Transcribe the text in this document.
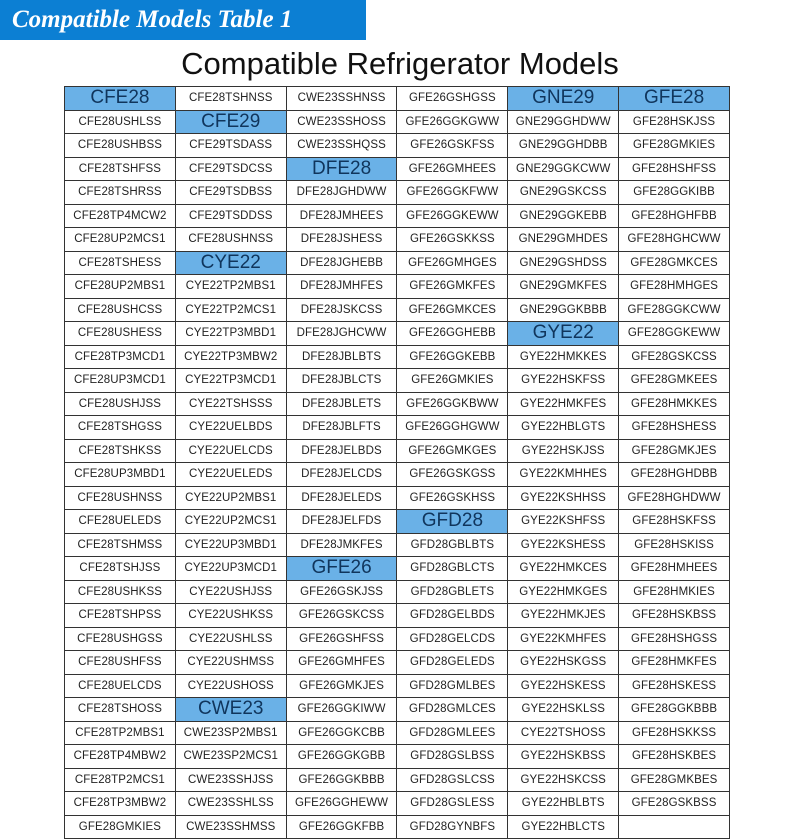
Compatible Models Table 1
Compatible Refrigerator Models
CFE28	CFE28TSHNSS	CWE23SSHNSS	GFE26GSHGSS	GNE29	GFE28
CFE28USHLSS	CFE29	CWE23SSHOSS	GFE26GGKGWW	GNE29GGHDWW	GFE28HSKJSS
CFE28USHBSS	CFE29TSDASS	CWE23SSHQSS	GFE26GSKFSS	GNE29GGHDBB	GFE28GMKIES
CFE28TSHFSS	CFE29TSDCSS	DFE28	GFE26GMHEES	GNE29GGKCWW	GFE28HSHFSS
CFE28TSHRSS	CFE29TSDBSS	DFE28JGHDWW	GFE26GGKFWW	GNE29GSKCSS	GFE28GGKIBB
CFE28TP4MCW2	CFE29TSDDSS	DFE28JMHEES	GFE26GGKEWW	GNE29GGKEBB	GFE28HGHFBB
CFE28UP2MCS1	CFE28USHNSS	DFE28JSHESS	GFE26GSKKSS	GNE29GMHDES	GFE28HGHCWW
CFE28TSHESS	CYE22	DFE28JGHEBB	GFE26GMHGES	GNE29GSHDSS	GFE28GMKCES
CFE28UP2MBS1	CYE22TP2MBS1	DFE28JMHFES	GFE26GMKFES	GNE29GMKFES	GFE28HMHGES
CFE28USHCSS	CYE22TP2MCS1	DFE28JSKCSS	GFE26GMKCES	GNE29GGKBBB	GFE28GGKCWW
CFE28USHESS	CYE22TP3MBD1	DFE28JGHCWW	GFE26GGHEBB	GYE22	GFE28GGKEWW
CFE28TP3MCD1	CYE22TP3MBW2	DFE28JBLBTS	GFE26GGKEBB	GYE22HMKKES	GFE28GSKCSS
CFE28UP3MCD1	CYE22TP3MCD1	DFE28JBLCTS	GFE26GMKIES	GYE22HSKFSS	GFE28GMKEES
CFE28USHJSS	CYE22TSHSSS	DFE28JBLETS	GFE26GGKBWW	GYE22HMKFES	GFE28HMKKES
CFE28TSHGSS	CYE22UELBDS	DFE28JBLFTS	GFE26GGHGWW	GYE22HBLGTS	GFE28HSHESS
CFE28TSHKSS	CYE22UELCDS	DFE28JELBDS	GFE26GMKGES	GYE22HSKJSS	GFE28GMKJES
CFE28UP3MBD1	CYE22UELEDS	DFE28JELCDS	GFE26GSKGSS	GYE22KMHHES	GFE28HGHDBB
CFE28USHNSS	CYE22UP2MBS1	DFE28JELEDS	GFE26GSKHSS	GYE22KSHHSS	GFE28HGHDWW
CFE28UELEDS	CYE22UP2MCS1	DFE28JELFDS	GFD28	GYE22KSHFSS	GFE28HSKFSS
CFE28TSHMSS	CYE22UP3MBD1	DFE28JMKFES	GFD28GBLBTS	GYE22KSHESS	GFE28HSKISS
CFE28TSHJSS	CYE22UP3MCD1	GFE26	GFD28GBLCTS	GYE22HMKCES	GFE28HMHEES
CFE28USHKSS	CYE22USHJSS	GFE26GSKJSS	GFD28GBLETS	GYE22HMKGES	GFE28HMKIES
CFE28TSHPSS	CYE22USHKSS	GFE26GSKCSS	GFD28GELBDS	GYE22HMKJES	GFE28HSKBSS
CFE28USHGSS	CYE22USHLSS	GFE26GSHFSS	GFD28GELCDS	GYE22KMHFES	GFE28HSHGSS
CFE28USHFSS	CYE22USHMSS	GFE26GMHFES	GFD28GELEDS	GYE22HSKGSS	GFE28HMKFES
CFE28UELCDS	CYE22USHOSS	GFE26GMKJES	GFD28GMLBES	GYE22HSKESS	GFE28HSKESS
CFE28TSHOSS	CWE23	GFE26GGKIWW	GFD28GMLCES	GYE22HSKLSS	GFE28GGKBBB
CFE28TP2MBS1	CWE23SP2MBS1	GFE26GGKCBB	GFD28GMLEES	CYE22TSHOSS	GFE28HSKKSS
CFE28TP4MBW2	CWE23SP2MCS1	GFE26GGKGBB	GFD28GSLBSS	GYE22HSKBSS	GFE28HSKBES
CFE28TP2MCS1	CWE23SSHJSS	GFE26GGKBBB	GFD28GSLCSS	GYE22HSKCSS	GFE28GMKBES
CFE28TP3MBW2	CWE23SSHLSS	GFE26GGHEWW	GFD28GSLESS	GYE22HBLBTS	GFE28GSKBSS
GFE28GMKIES	CWE23SSHMSS	GFE26GGKFBB	GFD28GYNBFS	GYE22HBLCTS	
